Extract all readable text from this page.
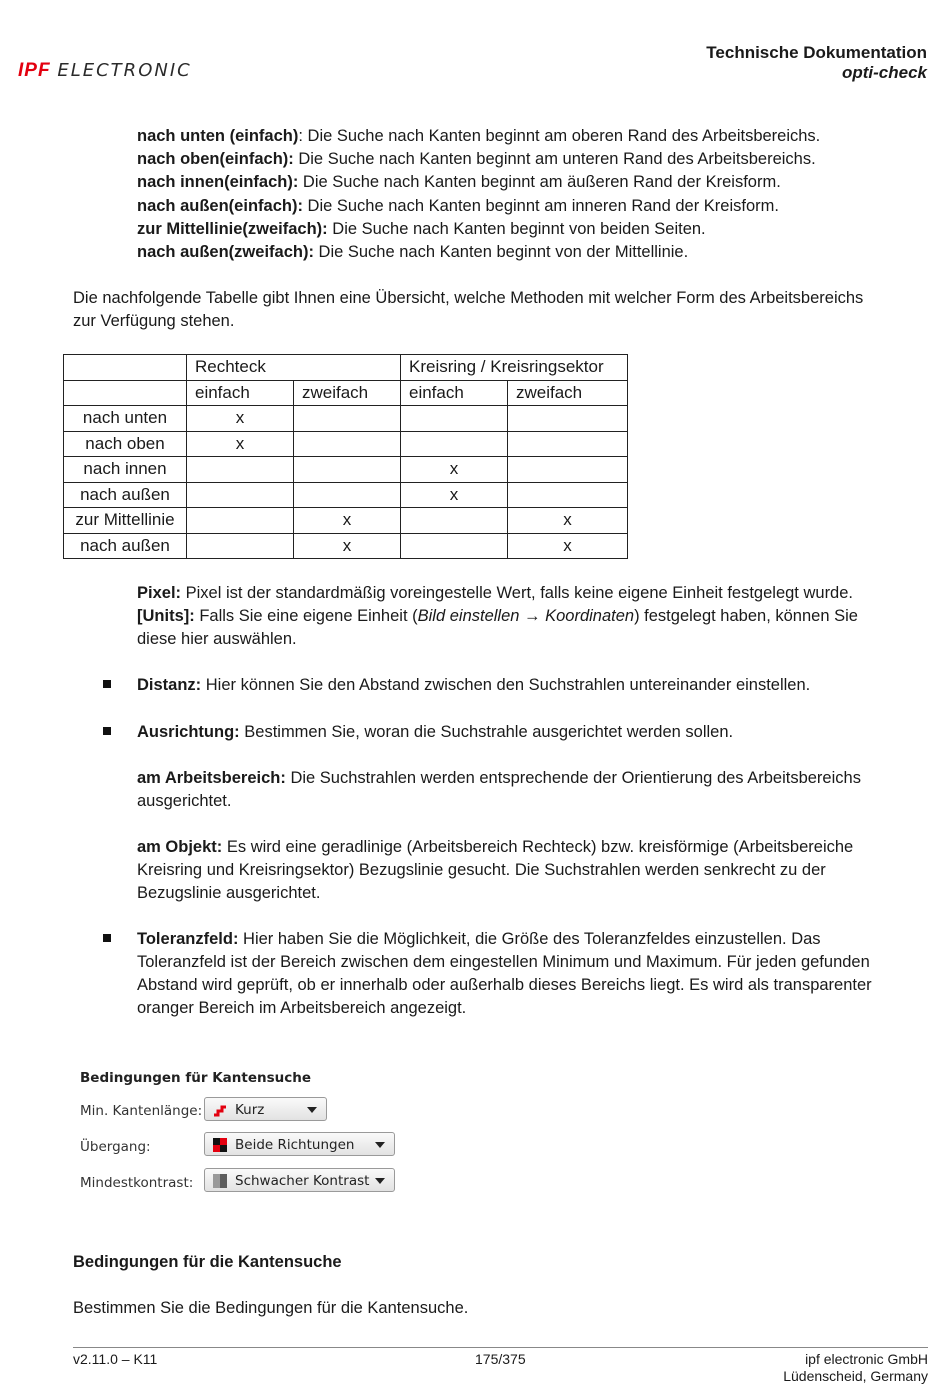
IPF ELECTRONIC
Technische Dokumentation
opti-check
nach unten (einfach): Die Suche nach Kanten beginnt am oberen Rand des Arbeitsbereichs.
nach oben(einfach): Die Suche nach Kanten beginnt am unteren Rand des Arbeitsbereichs.
nach innen(einfach): Die Suche nach Kanten beginnt am äußeren Rand der Kreisform.
nach außen(einfach): Die Suche nach Kanten beginnt am inneren Rand der Kreisform.
zur Mittellinie(zweifach): Die Suche nach Kanten beginnt von beiden Seiten.
nach außen(zweifach): Die Suche nach Kanten beginnt von der Mittellinie.
Die nachfolgende Tabelle gibt Ihnen eine Übersicht, welche Methoden mit welcher Form des Arbeitsbereichs
zur Verfügung stehen.
	Rechteck		Kreisring / Kreisringsektor	
	einfach	zweifach	einfach	zweifach
nach unten	x			
nach oben	x			
nach innen			x	
nach außen			x	
zur Mittellinie		x		x
nach außen		x		x
Pixel: Pixel ist der standardmäßig voreingestelle Wert, falls keine eigene Einheit festgelegt wurde.
[Units]: Falls Sie eine eigene Einheit (Bild einstellen → Koordinaten) festgelegt haben, können Sie
diese hier auswählen.
Distanz: Hier können Sie den Abstand zwischen den Suchstrahlen untereinander einstellen.
Ausrichtung: Bestimmen Sie, woran die Suchstrahle ausgerichtet werden sollen.
am Arbeitsbereich: Die Suchstrahlen werden entsprechende der Orientierung des Arbeitsbereichs
ausgerichtet.
am Objekt: Es wird eine geradlinige (Arbeitsbereich Rechteck) bzw. kreisförmige (Arbeitsbereiche
Kreisring und Kreisringsektor) Bezugslinie gesucht. Die Suchstrahlen werden senkrecht zu der
Bezugslinie ausgerichtet.
Toleranzfeld: Hier haben Sie die Möglichkeit, die Größe des Toleranzfeldes einzustellen. Das
Toleranzfeld ist der Bereich zwischen dem eingestellen Minimum und Maximum. Für jeden gefunden
Abstand wird geprüft, ob er innerhalb oder außerhalb dieses Bereichs liegt. Es wird als transparenter
oranger Bereich im Arbeitsbereich angezeigt.
Bedingungen für Kantensuche
Min. Kantenlänge: Kurz
Übergang:	Beide Richtungen
Mindestkontrast:	Schwacher Kontrast
Bedingungen für die Kantensuche
Bestimmen Sie die Bedingungen für die Kantensuche.
v2.11.0 – K11	175/375	ipf electronic GmbH
Lüdenscheid, Germany
